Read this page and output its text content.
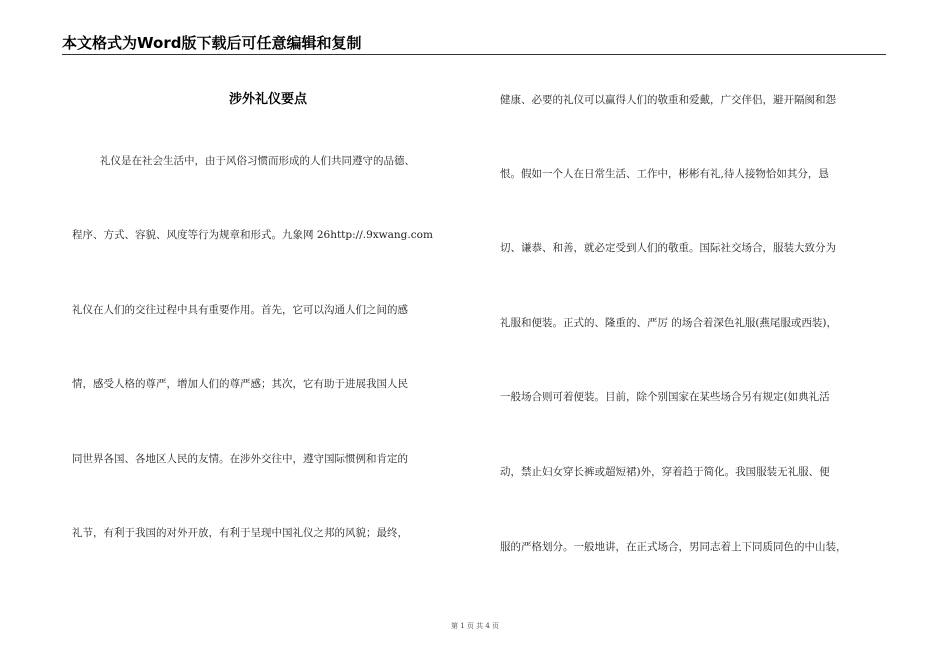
本文格式为Word版下载后可任意编辑和复制
涉外礼仪要点
礼仪是在社会生活中，由于风俗习惯而形成的人们共同遵守的品德、
程序、方式、容貌、风度等行为规章和形式。九象网 26http://.9xwang.com
礼仪在人们的交往过程中具有重要作用。首先，它可以沟通人们之间的感
情，感受人格的尊严，增加人们的尊严感；其次，它有助于进展我国人民
同世界各国、各地区人民的友情。在涉外交往中，遵守国际惯例和肯定的
礼节，有利于我国的对外开放，有利于呈现中国礼仪之邦的风貌；最终，
健康、必要的礼仪可以赢得人们的敬重和爱戴，广交伴侣，避开隔阂和怨
恨。假如一个人在日常生活、工作中，彬彬有礼,待人接物恰如其分，恳
切、谦恭、和善，就必定受到人们的敬重。国际社交场合，服装大致分为
礼服和便装。正式的、隆重的、严厉 的场合着深色礼服(燕尾服或西装)，
一般场合则可着便装。目前，除个别国家在某些场合另有规定(如典礼活
动，禁止妇女穿长裤或超短裙)外，穿着趋于简化。我国服装无礼服、便
服的严格划分。一般地讲，在正式场合，男同志着上下同质同色的中山装，
第 1 页 共 4 页
